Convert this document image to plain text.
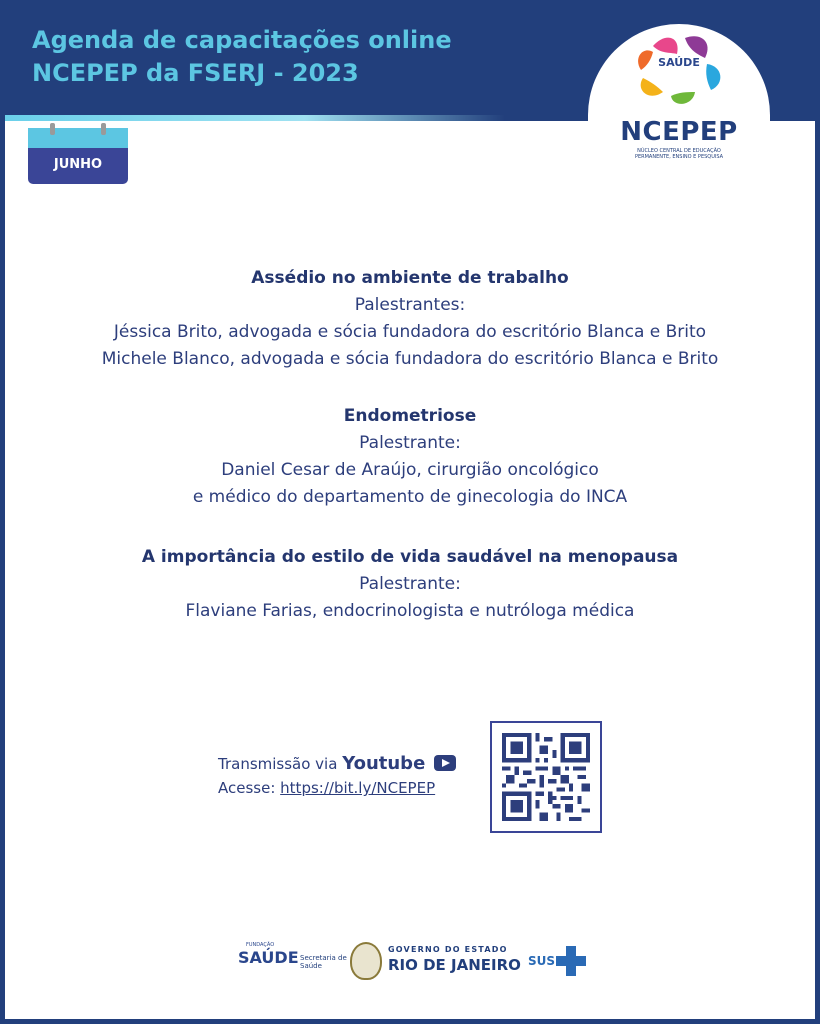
Agenda de capacitações online
NCEPEP da FSERJ - 2023	SAÚDE
NCEPEP
NÚCLEO CENTRAL DE EDUCAÇÃO PERMANENTE, ENSINO E PESQUISA
JUNHO
Assédio no ambiente de trabalho
Palestrantes:
Jéssica Brito, advogada e sócia fundadora do escritório Blanca e Brito
Michele Blanco, advogada e sócia fundadora do escritório Blanca e Brito
Endometriose
Palestrante:
Daniel Cesar de Araújo, cirurgião oncológico
e médico do departamento de ginecologia do INCA
A importância do estilo de vida saudável na menopausa
Palestrante:
Flaviane Farias, endocrinologista e nutróloga médica
Transmissão via Youtube
Acesse: https://bit.ly/NCEPEP
FUNDAÇÃO
SAÚDE Secretaria de
Saúde
GOVERNO DO ESTADO
RIO DE JANEIRO SUS
